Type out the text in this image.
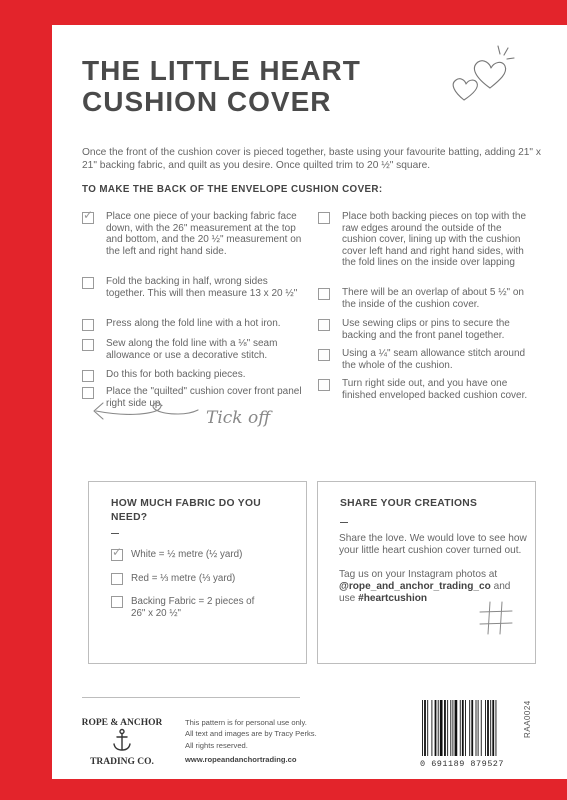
THE LITTLE HEART
CUSHION COVER

Once the front of the cushion cover is pieced together, baste using your favourite batting, adding 21" x 21" backing fabric, and quilt as you desire. Once quilted trim to 20 ½" square.

TO MAKE THE BACK OF THE ENVELOPE CUSHION COVER:
✓ Place one piece of your backing fabric face down, with the 26" measurement at the top and bottom, and the 20 ½" measurement on the left and right hand side.
Fold the backing in half, wrong sides together. This will then measure 13 x 20 ½"
Press along the fold line with a hot iron.
Sew along the fold line with a ⅛" seam allowance or use a decorative stitch.
Do this for both backing pieces.
Place the "quilted" cushion cover front panel right side up.
Place both backing pieces on top with the raw edges around the outside of the cushion cover, lining up with the cushion cover left hand and right hand sides, with the fold lines on the inside over lapping
There will be an overlap of about 5 ½" on the inside of the cushion cover.
Use sewing clips or pins to secure the backing and the front panel together.
Using a ¼" seam allowance stitch around the whole of the cushion.
Turn right side out, and you have one finished enveloped backed cushion cover.
Tick off
HOW MUCH FABRIC DO YOU NEED?
✓ White = ½ metre (½ yard)
Red = ⅓ metre (⅓ yard)
Backing Fabric = 2 pieces of 26" x 20 ½"
SHARE YOUR CREATIONS

Share the love. We would love to see how your little heart cushion cover turned out.

Tag us on your Instagram photos at @rope_and_anchor_trading_co and use #heartcushion

ROPE & ANCHOR
TRADING CO.

This pattern is for personal use only.
All text and images are by Tracy Perks.
All rights reserved.

www.ropeandanchortrading.co	0 691189 879527
RAA0024
